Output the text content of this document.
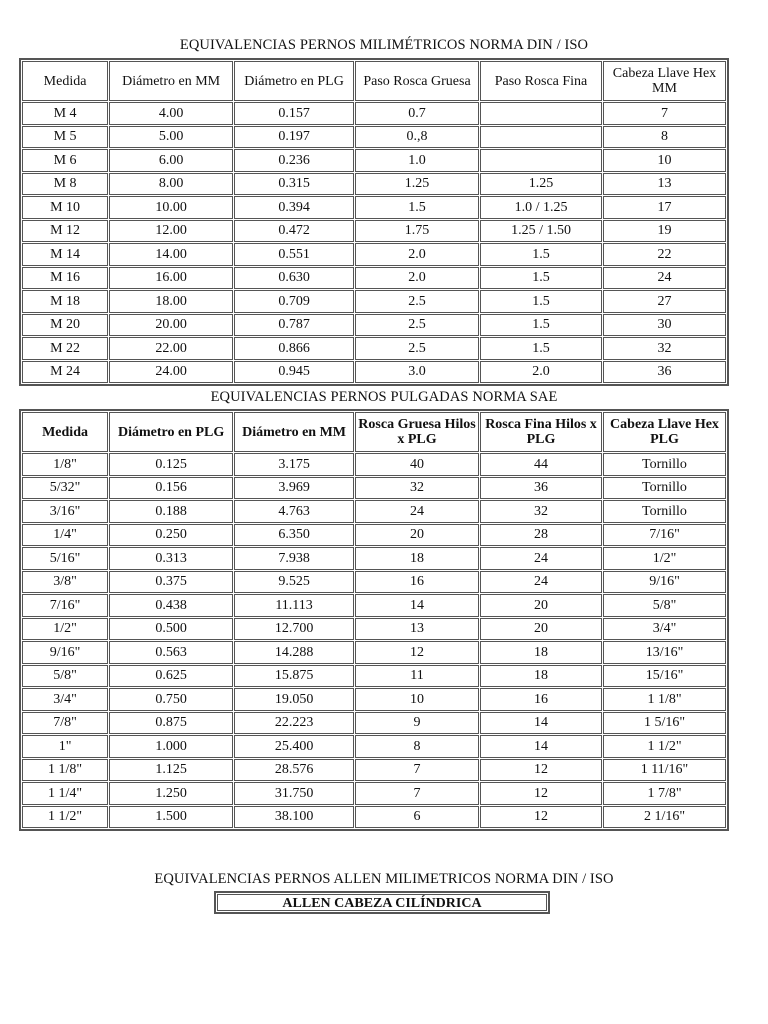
EQUIVALENCIAS PERNOS MILIMÉTRICOS NORMA DIN / ISO
Medida	Diámetro en MM	Diámetro en PLG	Paso Rosca Gruesa	Paso Rosca Fina	Cabeza Llave Hex MM
M 4	4.00	0.157	0.7		7
M 5	5.00	0.197	0.,8		8
M 6	6.00	0.236	1.0		10
M 8	8.00	0.315	1.25	1.25	13
M 10	10.00	0.394	1.5	1.0 / 1.25	17
M 12	12.00	0.472	1.75	1.25 / 1.50	19
M 14	14.00	0.551	2.0	1.5	22
M 16	16.00	0.630	2.0	1.5	24
M 18	18.00	0.709	2.5	1.5	27
M 20	20.00	0.787	2.5	1.5	30
M 22	22.00	0.866	2.5	1.5	32
M 24	24.00	0.945	3.0	2.0	36
EQUIVALENCIAS PERNOS PULGADAS NORMA SAE
Medida	Diámetro en PLG	Diámetro en MM	Rosca Gruesa Hilos x PLG	Rosca Fina Hilos x PLG	Cabeza Llave Hex PLG
1/8"	0.125	3.175	40	44	Tornillo
5/32"	0.156	3.969	32	36	Tornillo
3/16"	0.188	4.763	24	32	Tornillo
1/4"	0.250	6.350	20	28	7/16"
5/16"	0.313	7.938	18	24	1/2"
3/8"	0.375	9.525	16	24	9/16"
7/16"	0.438	11.113	14	20	5/8"
1/2"	0.500	12.700	13	20	3/4"
9/16"	0.563	14.288	12	18	13/16"
5/8"	0.625	15.875	11	18	15/16"
3/4"	0.750	19.050	10	16	1 1/8"
7/8"	0.875	22.223	9	14	1 5/16"
1"	1.000	25.400	8	14	1 1/2"
1 1/8"	1.125	28.576	7	12	1 11/16"
1 1/4"	1.250	31.750	7	12	1 7/8"
1 1/2"	1.500	38.100	6	12	2 1/16"
EQUIVALENCIAS PERNOS ALLEN MILIMETRICOS NORMA DIN / ISO
ALLEN CABEZA CILÍNDRICA
